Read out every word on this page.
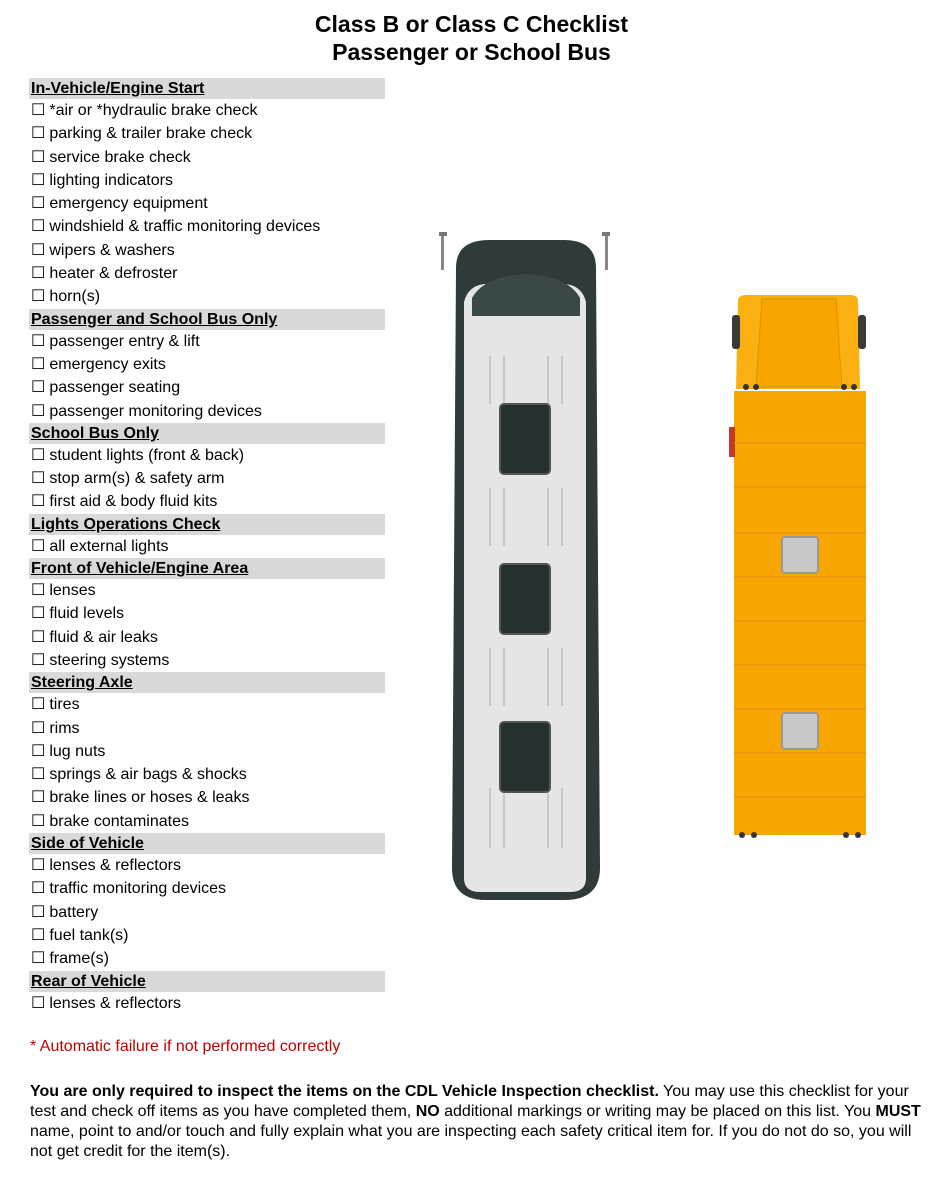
Class B or Class C Checklist
Passenger or School Bus
In-Vehicle/Engine Start
☐ *air or *hydraulic brake check
☐ parking & trailer brake check
☐ service brake check
☐ lighting indicators
☐ emergency equipment
☐ windshield & traffic monitoring devices
☐ wipers & washers
☐ heater & defroster
☐ horn(s)
Passenger and School Bus Only
☐ passenger entry & lift
☐ emergency exits
☐ passenger seating
☐ passenger monitoring devices
School Bus Only
☐ student lights (front & back)
☐ stop arm(s) & safety arm
☐ first aid & body fluid kits
Lights Operations Check
☐ all external lights
Front of Vehicle/Engine Area
☐ lenses
☐ fluid levels
☐ fluid & air leaks
☐ steering systems
Steering Axle
☐ tires
☐ rims
☐ lug nuts
☐ springs & air bags & shocks
☐ brake lines or hoses & leaks
☐ brake contaminates
Side of Vehicle
☐ lenses & reflectors
☐ traffic monitoring devices
☐ battery
☐ fuel tank(s)
☐ frame(s)
Rear of Vehicle
☐ lenses & reflectors
* Automatic failure if not performed correctly
You are only required to inspect the items on the CDL Vehicle Inspection checklist. You may use this checklist for your test and check off items as you have completed them, NO additional markings or writing may be placed on this list. You MUST name, point to and/or touch and fully explain what you are inspecting each safety critical item for. If you do not do so, you will not get credit for the item(s).
